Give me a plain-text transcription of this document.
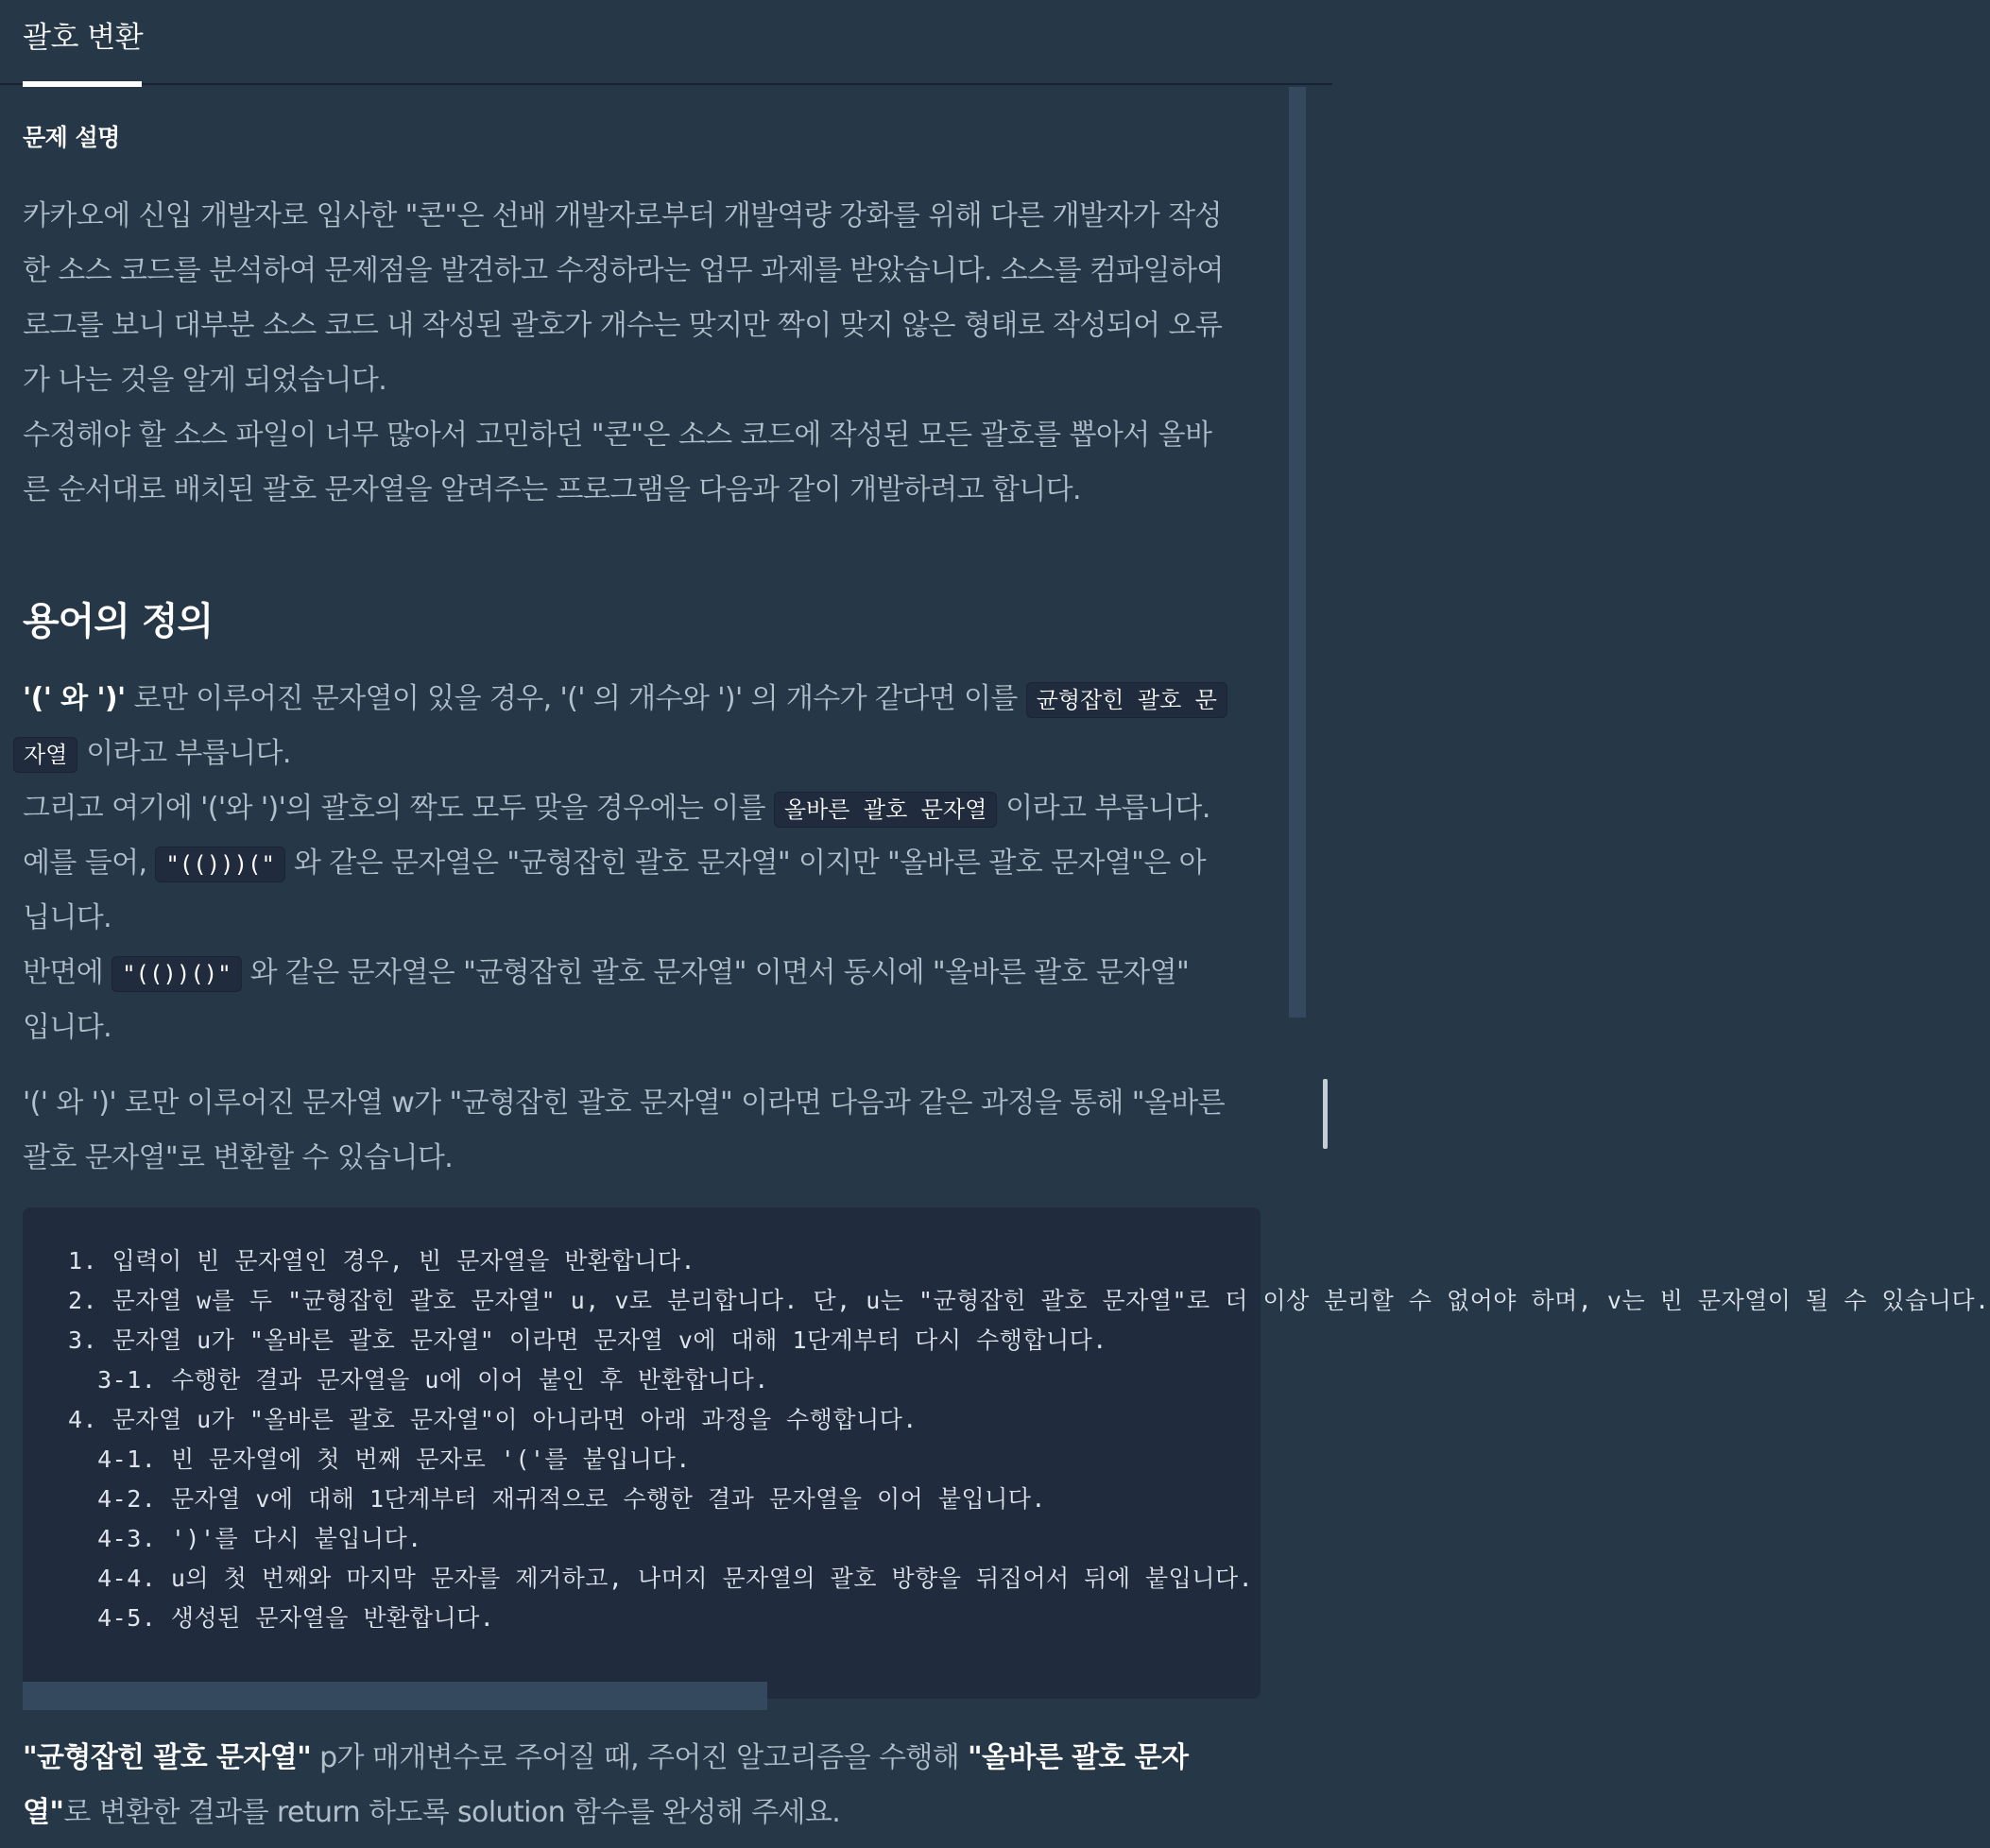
괄호 변환
문제 설명

카카오에 신입 개발자로 입사한 "콘"은 선배 개발자로부터 개발역량 강화를 위해 다른 개발자가 작성
한 소스 코드를 분석하여 문제점을 발견하고 수정하라는 업무 과제를 받았습니다. 소스를 컴파일하여
로그를 보니 대부분 소스 코드 내 작성된 괄호가 개수는 맞지만 짝이 맞지 않은 형태로 작성되어 오류
가 나는 것을 알게 되었습니다.
수정해야 할 소스 파일이 너무 많아서 고민하던 "콘"은 소스 코드에 작성된 모든 괄호를 뽑아서 올바
른 순서대로 배치된 괄호 문자열을 알려주는 프로그램을 다음과 같이 개발하려고 합니다.

용어의 정의
'(' 와 ')' 로만 이루어진 문자열이 있을 경우, '(' 의 개수와 ')' 의 개수가 같다면 이를 균형잡힌 괄호 문
자열 이라고 부릅니다.
그리고 여기에 '('와 ')'의 괄호의 짝도 모두 맞을 경우에는 이를 올바른 괄호 문자열 이라고 부릅니다.
예를 들어, "(()))(" 와 같은 문자열은 "균형잡힌 괄호 문자열" 이지만 "올바른 괄호 문자열"은 아
닙니다.
반면에 "(())()" 와 같은 문자열은 "균형잡힌 괄호 문자열" 이면서 동시에 "올바른 괄호 문자열"
입니다.
'(' 와 ')' 로만 이루어진 문자열 w가 "균형잡힌 괄호 문자열" 이라면 다음과 같은 과정을 통해 "올바른
괄호 문자열"로 변환할 수 있습니다.
1. 입력이 빈 문자열인 경우, 빈 문자열을 반환합니다.
2. 문자열 w를 두 "균형잡힌 괄호 문자열" u, v로 분리합니다. 단, u는 "균형잡힌 괄호 문자열"로 더 이상 분리할 수 없어야 하며, v는 빈 문자열이 될 수 있습니다.
3. 문자열 u가 "올바른 괄호 문자열" 이라면 문자열 v에 대해 1단계부터 다시 수행합니다.
3-1. 수행한 결과 문자열을 u에 이어 붙인 후 반환합니다.
4. 문자열 u가 "올바른 괄호 문자열"이 아니라면 아래 과정을 수행합니다.
4-1. 빈 문자열에 첫 번째 문자로 '('를 붙입니다.
4-2. 문자열 v에 대해 1단계부터 재귀적으로 수행한 결과 문자열을 이어 붙입니다.
4-3. ')'를 다시 붙입니다.
4-4. u의 첫 번째와 마지막 문자를 제거하고, 나머지 문자열의 괄호 방향을 뒤집어서 뒤에 붙입니다.
4-5. 생성된 문자열을 반환합니다.

"균형잡힌 괄호 문자열" p가 매개변수로 주어질 때, 주어진 알고리즘을 수행해 "올바른 괄호 문자
열"로 변환한 결과를 return 하도록 solution 함수를 완성해 주세요.
